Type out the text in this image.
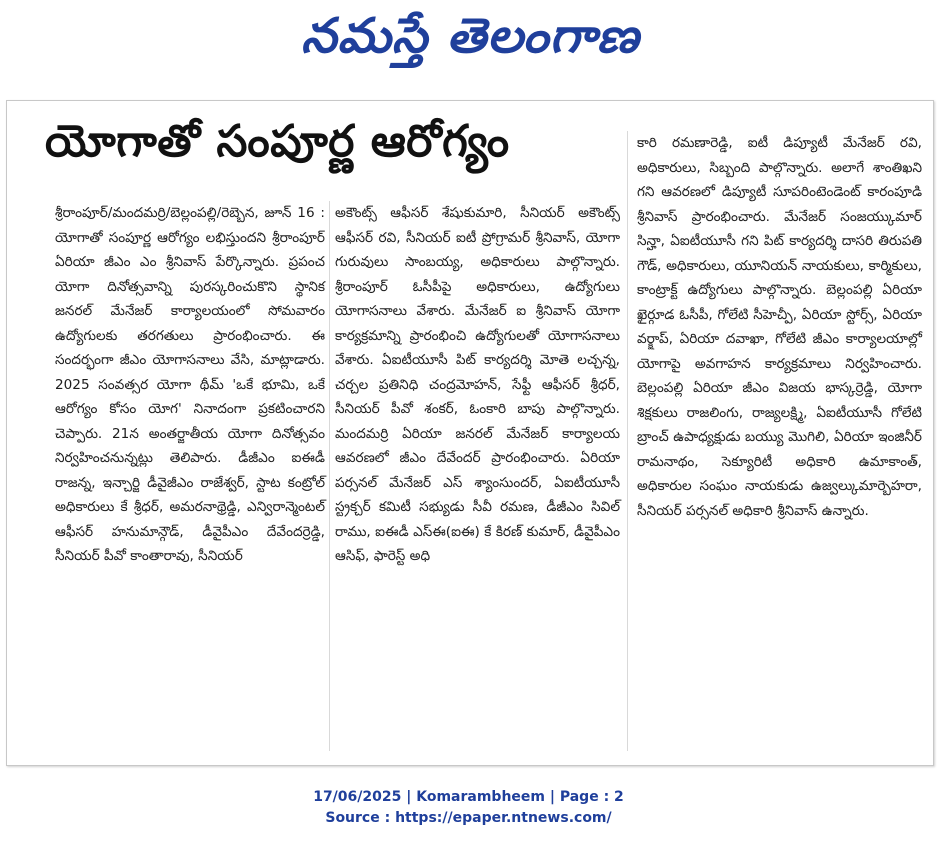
నమస్తే తెలంగాణ
యోగాతో సంపూర్ణ ఆరోగ్యం
శ్రీరాంపూర్/మందమర్రి/బెల్లంపల్లి/రెబ్బెన, జూన్ 16 : యోగాతో సంపూర్ణ ఆరోగ్యం లభిస్తుందని శ్రీరాంపూర్ ఏరియా జీఎం ఎం శ్రీనివాస్ పేర్కొన్నారు. ప్రపంచ యోగా దినోత్సవాన్ని పురస్కరించుకొని స్థానిక జనరల్ మేనేజర్ కార్యాలయంలో సోమవారం ఉద్యోగులకు తరగతులు ప్రారంభించారు. ఈ సందర్భంగా జీఎం యోగాసనాలు వేసి, మాట్లాడారు. 2025 సంవత్సర యోగా థీమ్ 'ఒకే భూమి, ఒకే ఆరోగ్యం కోసం యోగ' నినాదంగా ప్రకటించారని చెప్పారు. 21న అంతర్జాతీయ యోగా దినోత్సవం నిర్వహించనున్నట్లు తెలిపారు. డీజీఎం ఐఈడీ రాజన్న, ఇన్చార్జి డీవైజీఎం రాజేశ్వర్, స్టాట కంట్రోల్ అధికారులు కే శ్రీధర్, అమరనాథ్రెడ్డి, ఎన్విరాన్మెంటల్ ఆఫీసర్ హనుమాన్గౌడ్, డీవైపీఎం దేవేందర్రెడ్డి, సీనియర్ పీవో కాంతారావు, సీనియర్
అకౌంట్స్ ఆఫీసర్ శేషుకుమారి, సీనియర్ అకౌంట్స్ ఆఫీసర్ రవి, సీనియర్ ఐటీ ప్రోగ్రామర్ శ్రీనివాస్, యోగా గురువులు సాంబయ్య, అధికారులు పాల్గొన్నారు. శ్రీరాంపూర్ ఓసీపీపై అధికారులు, ఉద్యోగులు యోగాసనాలు వేశారు. మేనేజర్ ఐ శ్రీనివాస్ యోగా కార్యక్రమాన్ని ప్రారంభించి ఉద్యోగులతో యోగాసనాలు వేశారు. ఏఐటీయూసీ పిట్ కార్యదర్శి మోతె లచ్చన్న, చర్చల ప్రతినిధి చంద్రమోహన్, సేఫ్టీ ఆఫీసర్ శ్రీధర్, సీనియర్ పీవో శంకర్, ఓంకారి బాపు పాల్గొన్నారు. మందమర్రి ఏరియా జనరల్ మేనేజర్ కార్యాలయ ఆవరణలో జీఎం దేవేందర్ ప్రారంభించారు. ఏరియా పర్సనల్ మేనేజర్ ఎస్ శ్యాంసుందర్, ఏఐటీయూసీ స్ట్రక్చర్ కమిటీ సభ్యుడు సీవీ రమణ, డీజీఎం సివిల్ రాము, ఐఈడీ ఎస్ఈ(ఐఈ) కే కిరణ్ కుమార్, డీవైపీఎం ఆసిఫ్, ఫారెస్ట్ అధి
కారి రమణారెడ్డి, ఐటీ డిప్యూటీ మేనేజర్ రవి, అధికారులు, సిబ్బంది పాల్గొన్నారు. అలాగే శాంతిఖని గని ఆవరణలో డిప్యూటీ సూపరింటెండెంట్ కారంపూడి శ్రీనివాస్ ప్రారంభించారు. మేనేజర్ సంజయ్కుమార్ సిన్హా, ఏఐటీయూసీ గని పిట్ కార్యదర్శి దాసరి తిరుపతి గౌడ్, అధికారులు, యూనియన్ నాయకులు, కార్మికులు, కాంట్రాక్ట్ ఉద్యోగులు పాల్గొన్నారు. బెల్లంపల్లి ఏరియా ఖైర్గూడ ఓసీపీ, గోలేటి సీహెచ్పీ, ఏరియా స్టోర్స్, ఏరియా వర్క్షాప్, ఏరియా దవాఖా, గోలేటి జీఎం కార్యాలయాల్లో యోగాపై అవగాహన కార్యక్రమాలు నిర్వహించారు. బెల్లంపల్లి ఏరియా జీఎం విజయ భాస్కర్రెడ్డి, యోగా శిక్షకులు రాజలింగు, రాజ్యలక్ష్మి, ఏఐటీయూసీ గోలేటి బ్రాంచ్ ఉపాధ్యక్షుడు బయ్యు మొగిలి, ఏరియా ఇంజినీర్ రామనాథం, సెక్యూరిటీ అధికారి ఉమాకాంత్, అధికారుల సంఘం నాయకుడు ఉజ్వల్కుమార్బెహరా, సీనియర్ పర్సనల్ అధికారి శ్రీనివాస్ ఉన్నారు.
17/06/2025 | Komarambheem | Page : 2
Source : https://epaper.ntnews.com/
